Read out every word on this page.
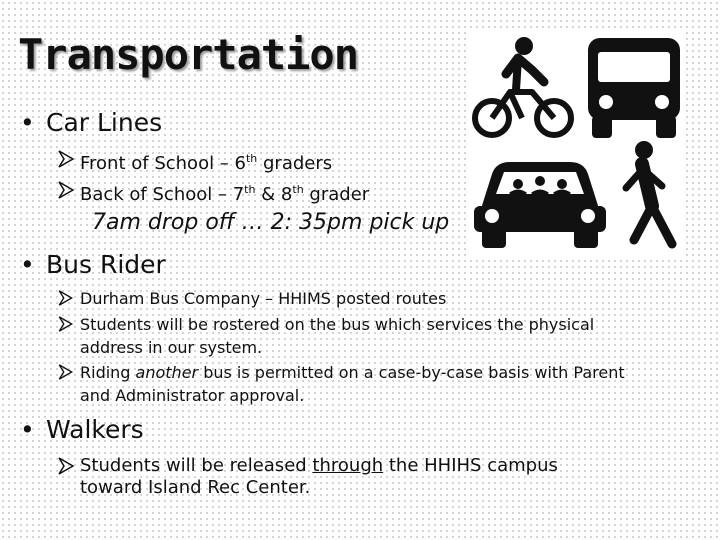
Transportation
• Car Lines
Front of School – 6th graders
Back of School – 7th & 8th grader
7am drop off … 2: 35pm pick up
• Bus Rider
Durham Bus Company – HHIMS posted routes
Students will be rostered on the bus which services the physical address in our system.
Riding another bus is permitted on a case-by-case basis with Parent and Administrator approval.
• Walkers
Students will be released through the HHIHS campus toward Island Rec Center.
